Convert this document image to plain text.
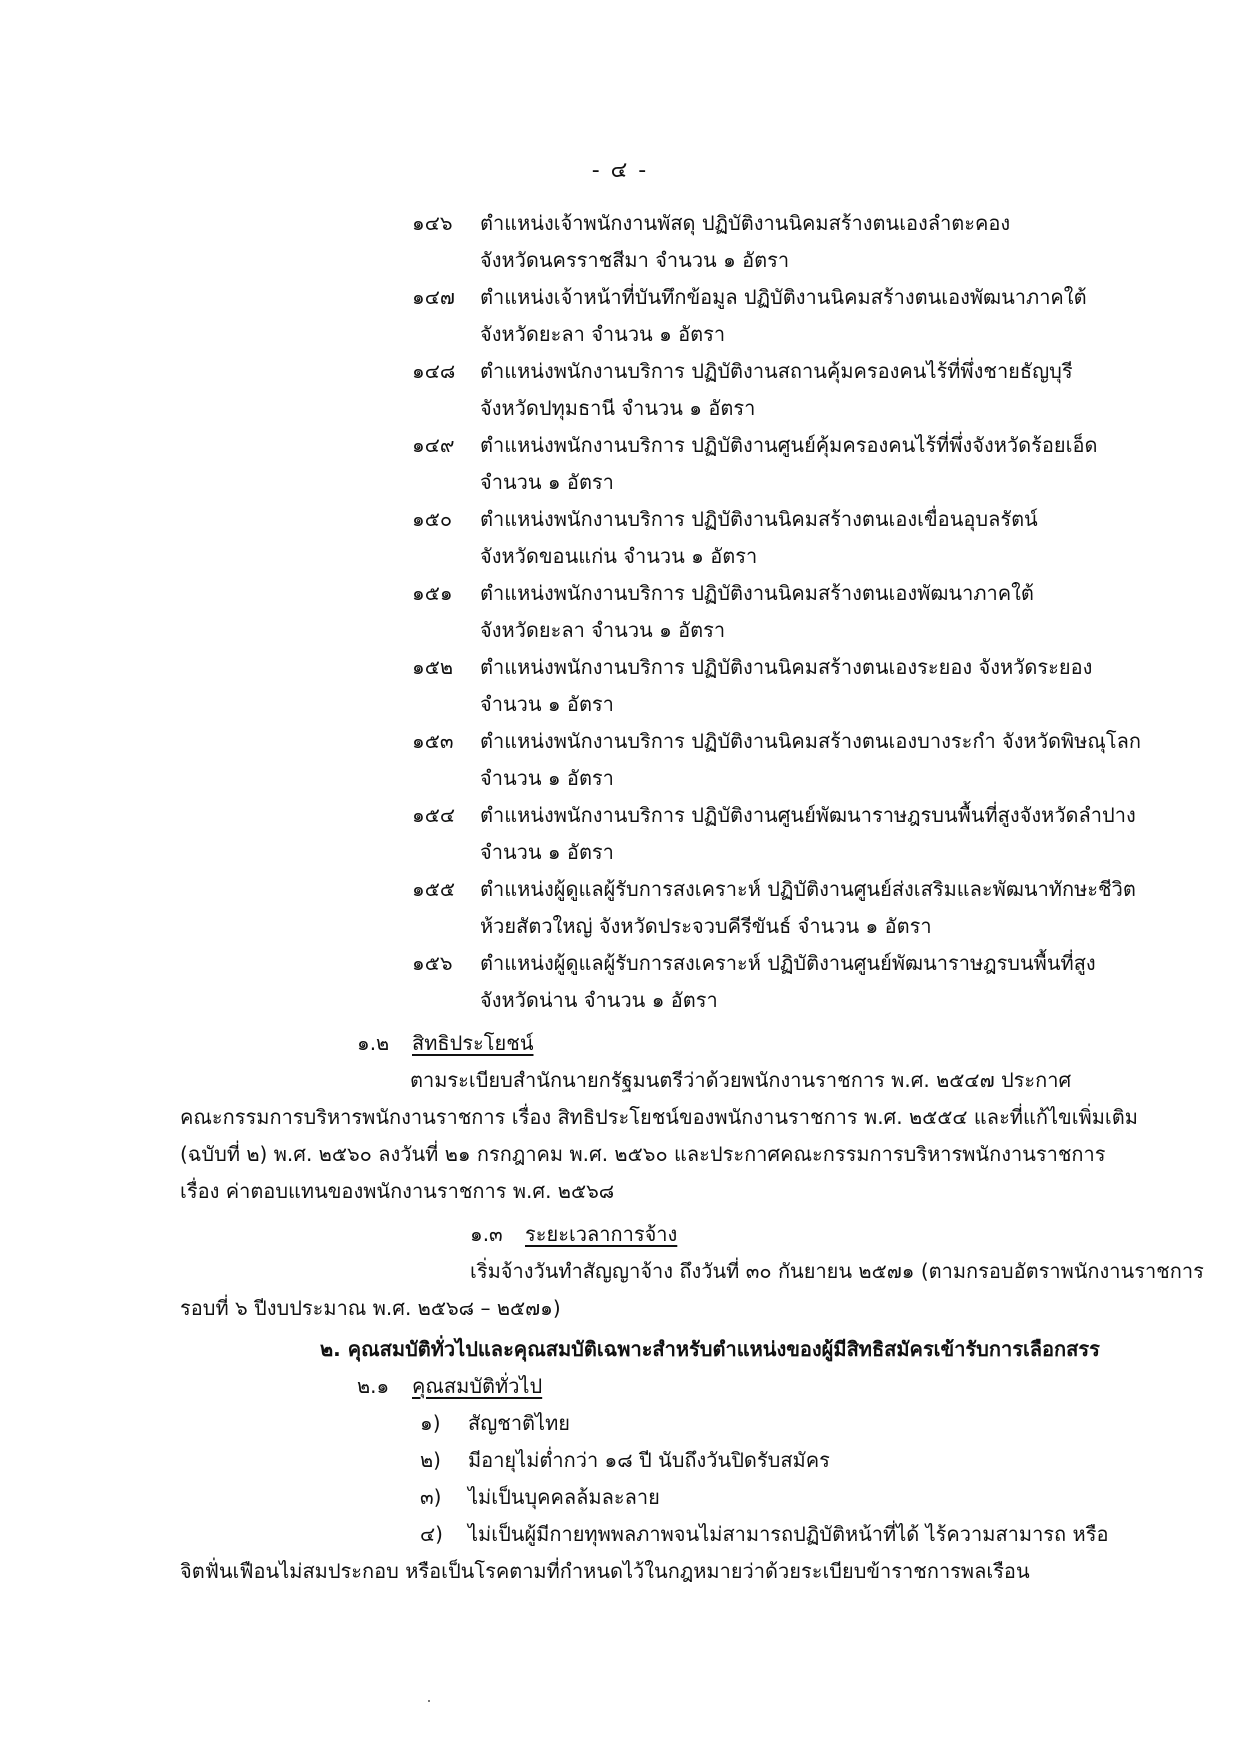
- ๔ -
๑๔๖	ตำแหน่งเจ้าพนักงานพัสดุ ปฏิบัติงานนิคมสร้างตนเองลำตะคอง
จังหวัดนครราชสีมา จำนวน ๑ อัตรา
๑๔๗	ตำแหน่งเจ้าหน้าที่บันทึกข้อมูล ปฏิบัติงานนิคมสร้างตนเองพัฒนาภาคใต้
จังหวัดยะลา จำนวน ๑ อัตรา
๑๔๘	ตำแหน่งพนักงานบริการ ปฏิบัติงานสถานคุ้มครองคนไร้ที่พึ่งชายธัญบุรี
จังหวัดปทุมธานี จำนวน ๑ อัตรา
๑๔๙	ตำแหน่งพนักงานบริการ ปฏิบัติงานศูนย์คุ้มครองคนไร้ที่พึ่งจังหวัดร้อยเอ็ด
จำนวน ๑ อัตรา
๑๕๐	ตำแหน่งพนักงานบริการ ปฏิบัติงานนิคมสร้างตนเองเขื่อนอุบลรัตน์
จังหวัดขอนแก่น จำนวน ๑ อัตรา
๑๕๑	ตำแหน่งพนักงานบริการ ปฏิบัติงานนิคมสร้างตนเองพัฒนาภาคใต้
จังหวัดยะลา จำนวน ๑ อัตรา
๑๕๒	ตำแหน่งพนักงานบริการ ปฏิบัติงานนิคมสร้างตนเองระยอง จังหวัดระยอง
จำนวน ๑ อัตรา
๑๕๓	ตำแหน่งพนักงานบริการ ปฏิบัติงานนิคมสร้างตนเองบางระกำ จังหวัดพิษณุโลก
จำนวน ๑ อัตรา
๑๕๔	ตำแหน่งพนักงานบริการ ปฏิบัติงานศูนย์พัฒนาราษฎรบนพื้นที่สูงจังหวัดลำปาง
จำนวน ๑ อัตรา
๑๕๕	ตำแหน่งผู้ดูแลผู้รับการสงเคราะห์ ปฏิบัติงานศูนย์ส่งเสริมและพัฒนาทักษะชีวิต
ห้วยสัตวใหญ่ จังหวัดประจวบคีรีขันธ์ จำนวน ๑ อัตรา
๑๕๖	ตำแหน่งผู้ดูแลผู้รับการสงเคราะห์ ปฏิบัติงานศูนย์พัฒนาราษฎรบนพื้นที่สูง
จังหวัดน่าน จำนวน ๑ อัตรา
๑.๒	สิทธิประโยชน์
ตามระเบียบสำนักนายกรัฐมนตรีว่าด้วยพนักงานราชการ พ.ศ. ๒๕๔๗ ประกาศ
คณะกรรมการบริหารพนักงานราชการ เรื่อง สิทธิประโยชน์ของพนักงานราชการ พ.ศ. ๒๕๕๔ และที่แก้ไขเพิ่มเติม
(ฉบับที่ ๒) พ.ศ. ๒๕๖๐ ลงวันที่ ๒๑ กรกฎาคม พ.ศ. ๒๕๖๐ และประกาศคณะกรรมการบริหารพนักงานราชการ
เรื่อง ค่าตอบแทนของพนักงานราชการ พ.ศ. ๒๕๖๘
๑.๓	ระยะเวลาการจ้าง
เริ่มจ้างวันทำสัญญาจ้าง ถึงวันที่ ๓๐ กันยายน ๒๕๗๑ (ตามกรอบอัตราพนักงานราชการ
รอบที่ ๖ ปีงบประมาณ พ.ศ. ๒๕๖๘ – ๒๕๗๑)
๒. คุณสมบัติทั่วไปและคุณสมบัติเฉพาะสำหรับตำแหน่งของผู้มีสิทธิสมัครเข้ารับการเลือกสรร
๒.๑	คุณสมบัติทั่วไป
๑) สัญชาติไทย
๒) มีอายุไม่ต่ำกว่า ๑๘ ปี นับถึงวันปิดรับสมัคร
๓) ไม่เป็นบุคคลล้มละลาย
๔) ไม่เป็นผู้มีกายทุพพลภาพจนไม่สามารถปฏิบัติหน้าที่ได้ ไร้ความสามารถ หรือ
จิตฟั่นเฟือนไม่สมประกอบ หรือเป็นโรคตามที่กำหนดไว้ในกฎหมายว่าด้วยระเบียบข้าราชการพลเรือน
